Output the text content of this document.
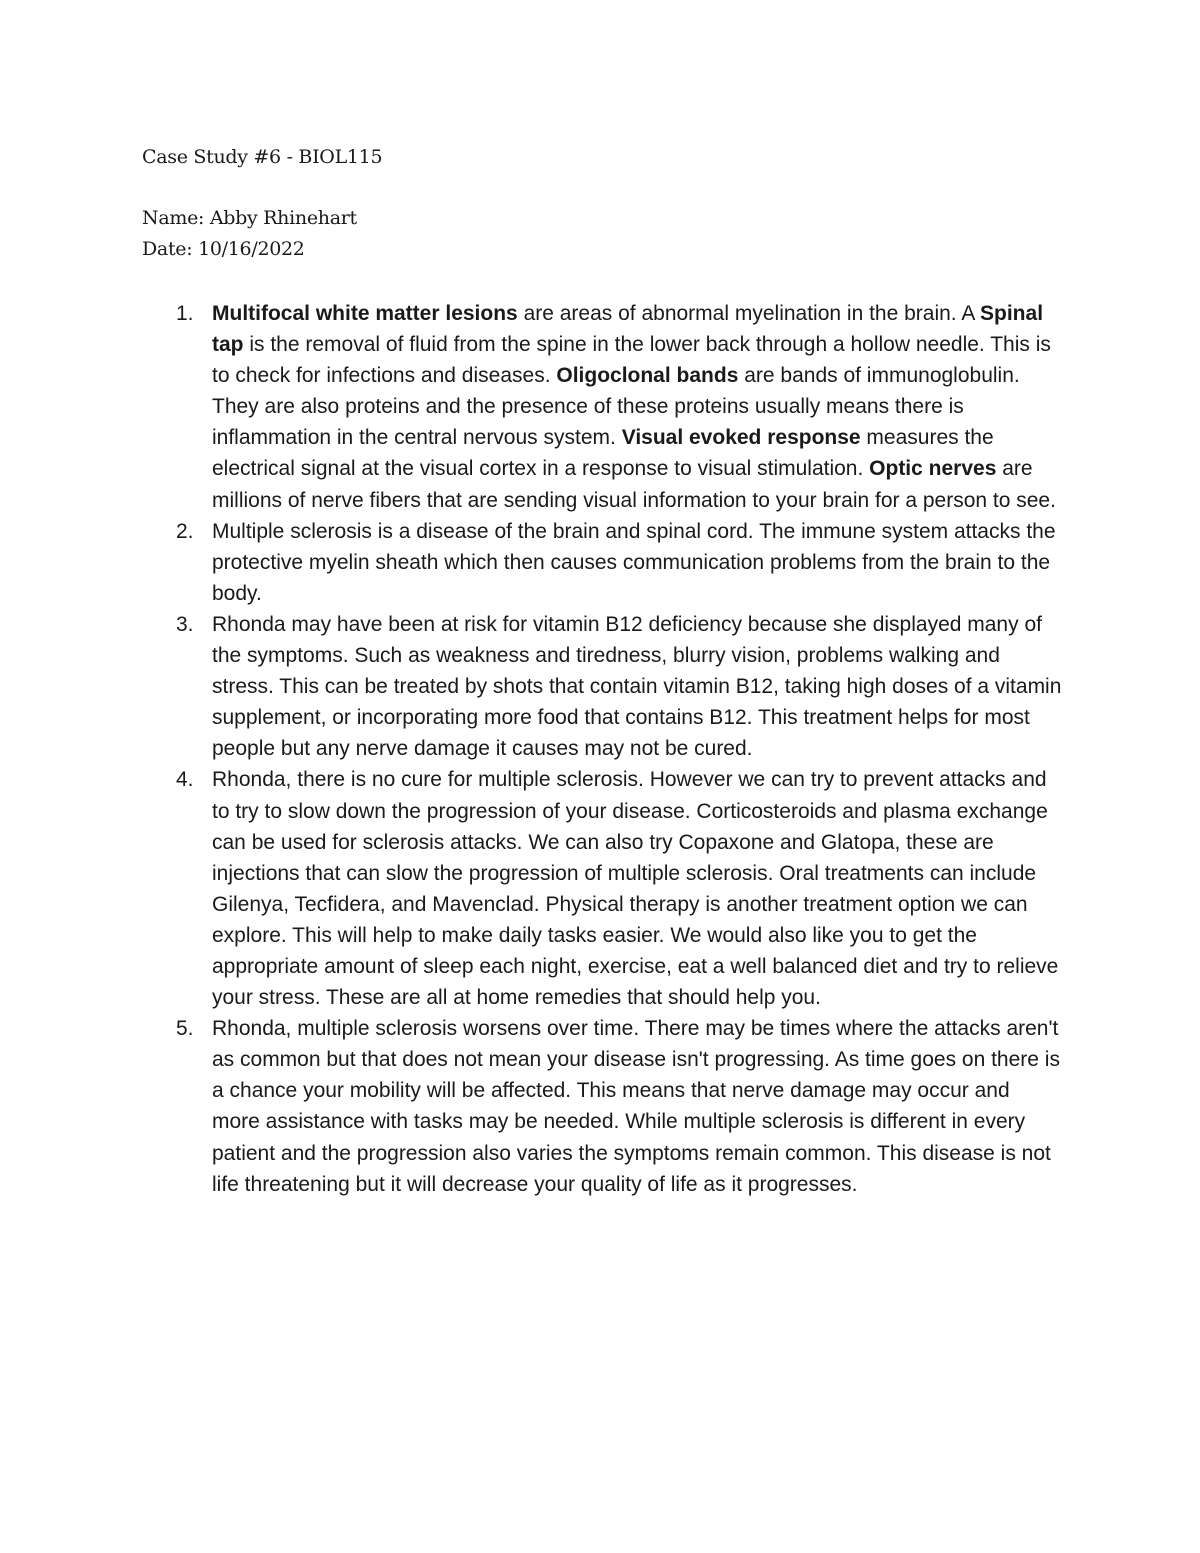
Case Study #6 - BIOL115
Name: Abby Rhinehart
Date: 10/16/2022
1. Multifocal white matter lesions are areas of abnormal myelination in the brain. A Spinal tap is the removal of fluid from the spine in the lower back through a hollow needle. This is to check for infections and diseases. Oligoclonal bands are bands of immunoglobulin. They are also proteins and the presence of these proteins usually means there is inflammation in the central nervous system. Visual evoked response measures the electrical signal at the visual cortex in a response to visual stimulation. Optic nerves are millions of nerve fibers that are sending visual information to your brain for a person to see.
2. Multiple sclerosis is a disease of the brain and spinal cord. The immune system attacks the protective myelin sheath which then causes communication problems from the brain to the body.
3. Rhonda may have been at risk for vitamin B12 deficiency because she displayed many of the symptoms. Such as weakness and tiredness, blurry vision, problems walking and stress. This can be treated by shots that contain vitamin B12, taking high doses of a vitamin supplement, or incorporating more food that contains B12. This treatment helps for most people but any nerve damage it causes may not be cured.
4. Rhonda, there is no cure for multiple sclerosis. However we can try to prevent attacks and to try to slow down the progression of your disease. Corticosteroids and plasma exchange can be used for sclerosis attacks. We can also try Copaxone and Glatopa, these are injections that can slow the progression of multiple sclerosis. Oral treatments can include Gilenya, Tecfidera, and Mavenclad. Physical therapy is another treatment option we can explore. This will help to make daily tasks easier. We would also like you to get the appropriate amount of sleep each night, exercise, eat a well balanced diet and try to relieve your stress. These are all at home remedies that should help you.
5. Rhonda, multiple sclerosis worsens over time. There may be times where the attacks aren't as common but that does not mean your disease isn't progressing. As time goes on there is a chance your mobility will be affected. This means that nerve damage may occur and more assistance with tasks may be needed. While multiple sclerosis is different in every patient and the progression also varies the symptoms remain common. This disease is not life threatening but it will decrease your quality of life as it progresses.
